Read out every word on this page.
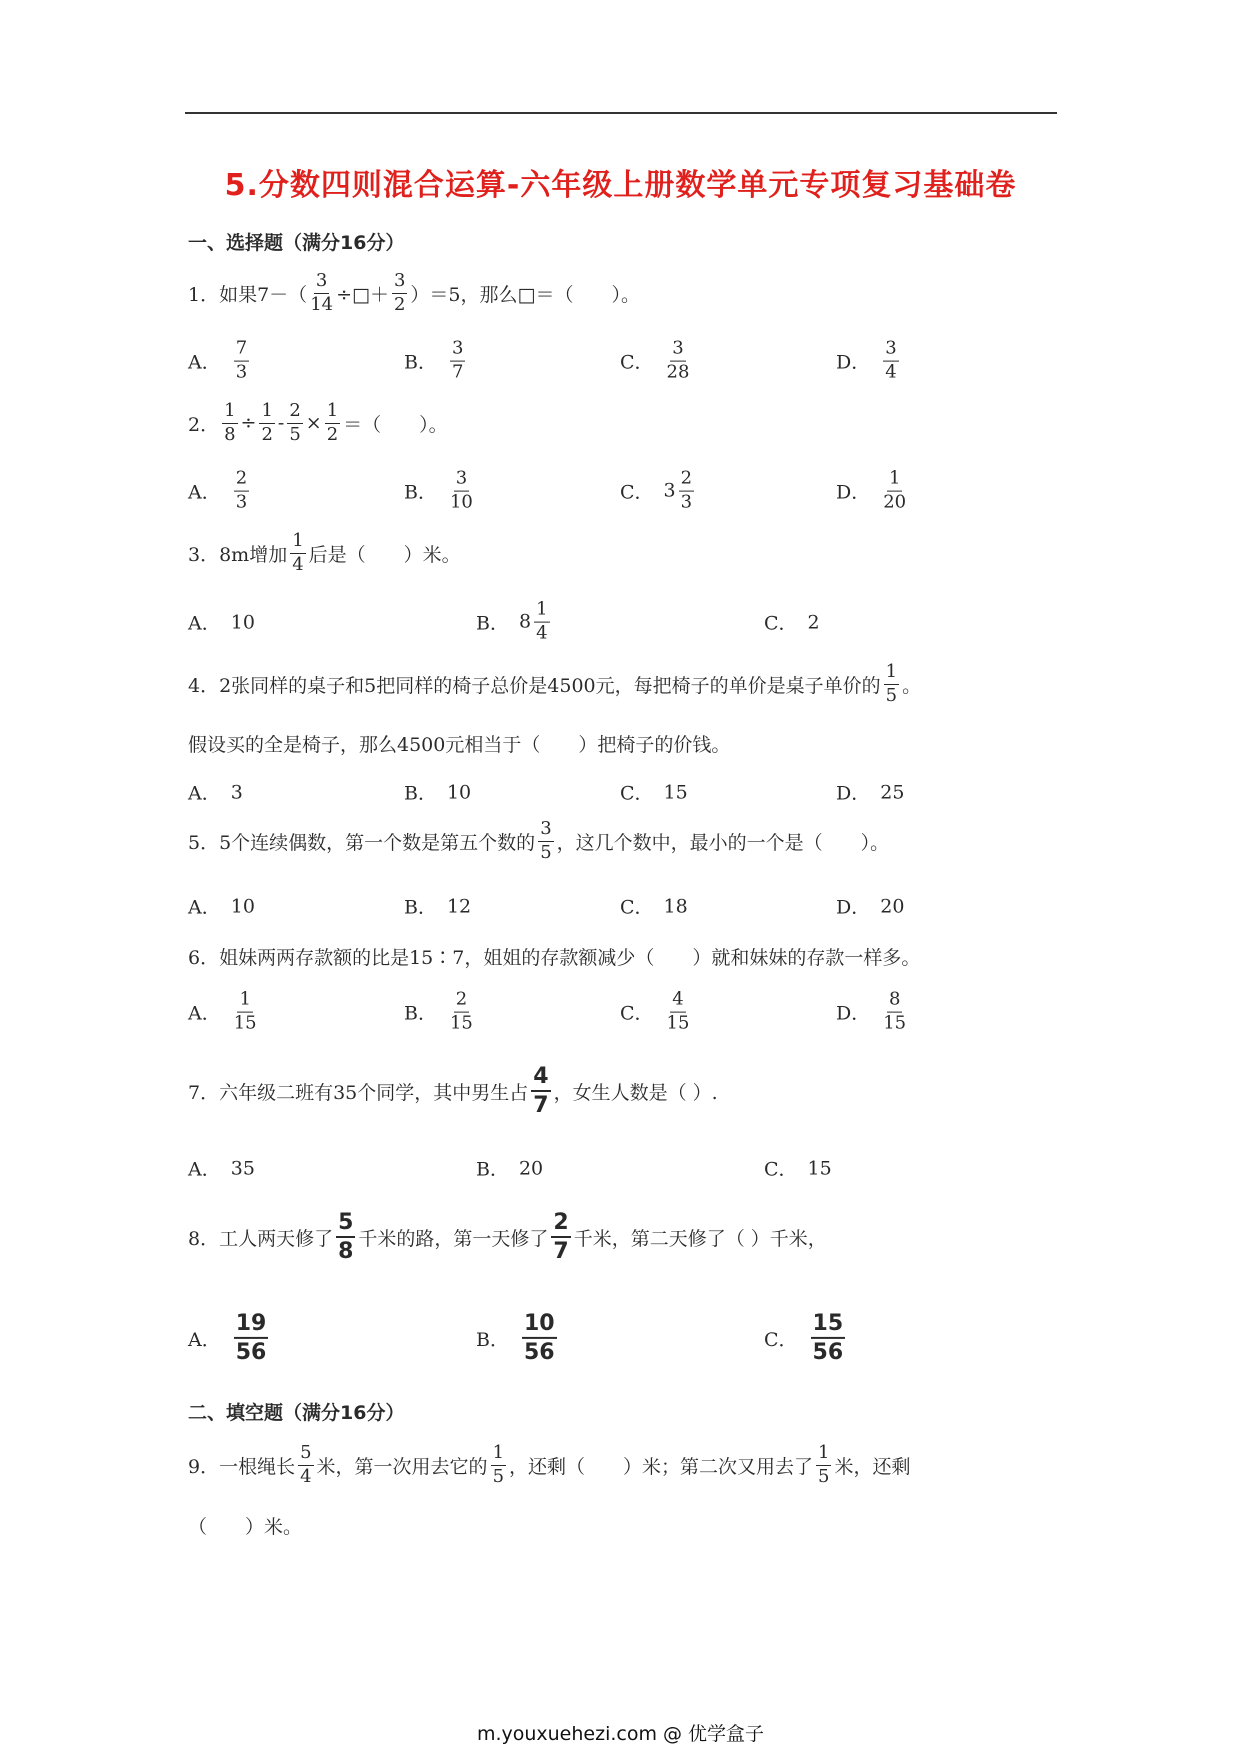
5.分数四则混合运算-六年级上册数学单元专项复习基础卷
一、选择题（满分16分）
1．如果$7-( \frac{3}{14}$ ÷□＋ $\frac{3}{2} )=5$，那么□＝（　　）。
A． $\frac{7}{3}$	B． $\frac{3}{7}$	C． $\frac{3}{28}$	D． $\frac{3}{4}$
2． $\frac{1}{8} \div \frac{1}{2} - \frac{2}{5} \times \frac{1}{2}$ ＝（　　）。
A． $\frac{2}{3}$	B． $\frac{3}{10}$	C． $3 \frac{2}{3}$	D． $\frac{1}{20}$
3．8m增加 $\frac{1}{4}$ 后是（　　）米。
A． 10	B． $8 \frac{1}{4}$	C． 2
4．2张同样的桌子和5把同样的椅子总价是4500元，每把椅子的单价是桌子单价的 $\frac{1}{5}$ 。
假设买的全是椅子，那么4500元相当于（　　）把椅子的价钱。
A． 3	B． 10	C． 15	D． 25
5．5个连续偶数，第一个数是第五个数的 $\frac{3}{5}$ ，这几个数中，最小的一个是（　　）。
A． 10	B． 12	C． 18	D． 20
6．姐妹两两存款额的比是15∶7，姐姐的存款额减少（　　）就和妹妹的存款一样多。
A． $\frac{1}{15}$	B． $\frac{2}{15}$	C． $\frac{4}{15}$	D． $\frac{8}{15}$
7．六年级二班有35个同学，其中男生占 $\frac{4}{7}$ ，女生人数是（ ）.
A． 35	B． 20	C． 15
8．工人两天修了 $\frac{5}{8}$ 千米的路，第一天修了 $\frac{2}{7}$ 千米，第二天修了（ ）千米，
A． $\frac{19}{56}$	B． $\frac{10}{56}$	C． $\frac{15}{56}$
二、填空题（满分16分）
9．一根绳长 $\frac{5}{4}$ 米，第一次用去它的 $\frac{1}{5}$ ，还剩（　　）米；第二次又用去了 $\frac{1}{5}$ 米，还剩
（　　）米。
m.youxuehezi.com @ 优学盒子
